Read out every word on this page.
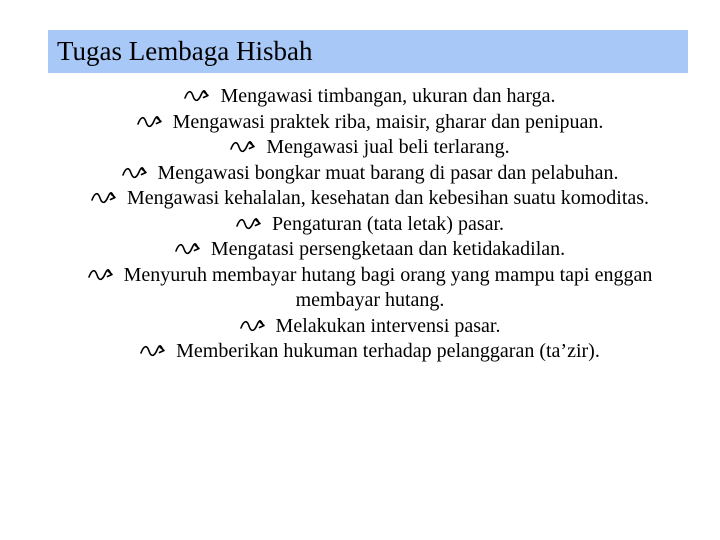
Tugas Lembaga Hisbah
Mengawasi timbangan, ukuran dan harga.
Mengawasi praktek riba, maisir, gharar dan penipuan.
Mengawasi jual beli terlarang.
Mengawasi bongkar muat barang di pasar dan pelabuhan.
Mengawasi kehalalan, kesehatan dan kebesihan suatu komoditas.
Pengaturan (tata letak) pasar.
Mengatasi persengketaan dan ketidakadilan.
Menyuruh membayar hutang bagi orang yang mampu tapi enggan membayar hutang.
Melakukan intervensi pasar.
Memberikan hukuman terhadap pelanggaran (ta’zir).
